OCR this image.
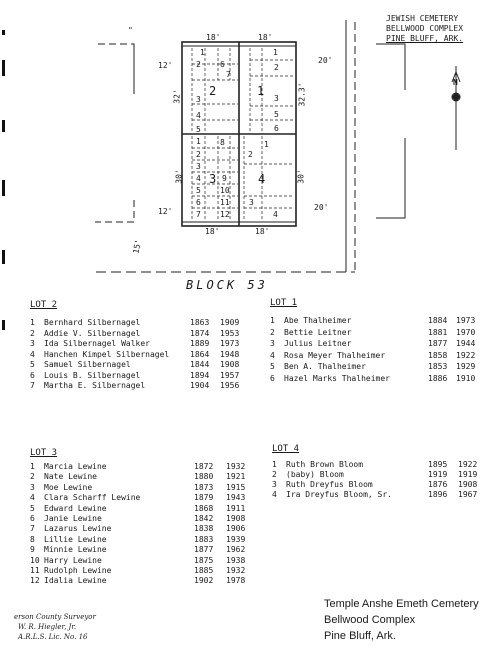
JEWISH CEMETERY
BELLWOOD COMPLEX
PINE BLUFF, ARK.
18'	18'
18'	18'
12'
12'
20'
20'
32'	32.3'
30'	30'
15'
"
N
2	1
3	4
1
2 6
7
3
4
5
1
2
3
5
6
1 8
2	2
1
3
4	9
5 10
6 11
7 12
3
4
BLOCK 53
LOT 2
1 Bernhard Silbernagel	1863 1909
2 Addie V. Silbernagel	1874 1953
3 Ida Silbernagel Walker	1889 1973
4 Hanchen Kimpel Silbernagel	1864 1948
5 Samuel Silbernagel	1844 1908
6 Louis B. Silbernagel	1894 1957
7 Martha E. Silbernagel	1904 1956
LOT 1
1 Abe Thalheimer	1884 1973
2 Bettie Leitner	1881 1970
3 Julius Leitner	1877 1944
4 Rosa Meyer Thalheimer	1858 1922
5 Ben A. Thalheimer	1853 1929
6 Hazel Marks Thalheimer	1886 1910
LOT 3
1 Marcia Lewine	1872 1932
2 Nate Lewine	1880 1921
3 Moe Lewine	1873 1915
4 Clara Scharff Lewine	1879 1943
5 Edward Lewine	1868 1911
6 Janie Lewine	1842 1908
7 Lazarus Lewine	1838 1906
8 Lillie Lewine	1883 1939
9 Minnie Lewine	1877 1962
10 Harry Lewine	1875 1938
11 Rudolph Lewine	1885 1932
12 Idalia Lewine	1902 1978
LOT 4
1 Ruth Brown Bloom	1895 1922
2 (baby) Bloom	1919 1919
3 Ruth Dreyfus Bloom	1876 1908
4 Ira Dreyfus Bloom, Sr.	1896 1967
erson County Surveyor
W. R. Hiegler, Jr.
A.R.L.S. Lic. No. 16
Temple Anshe Emeth Cemetery
Bellwood Complex
Pine Bluff, Ark.
